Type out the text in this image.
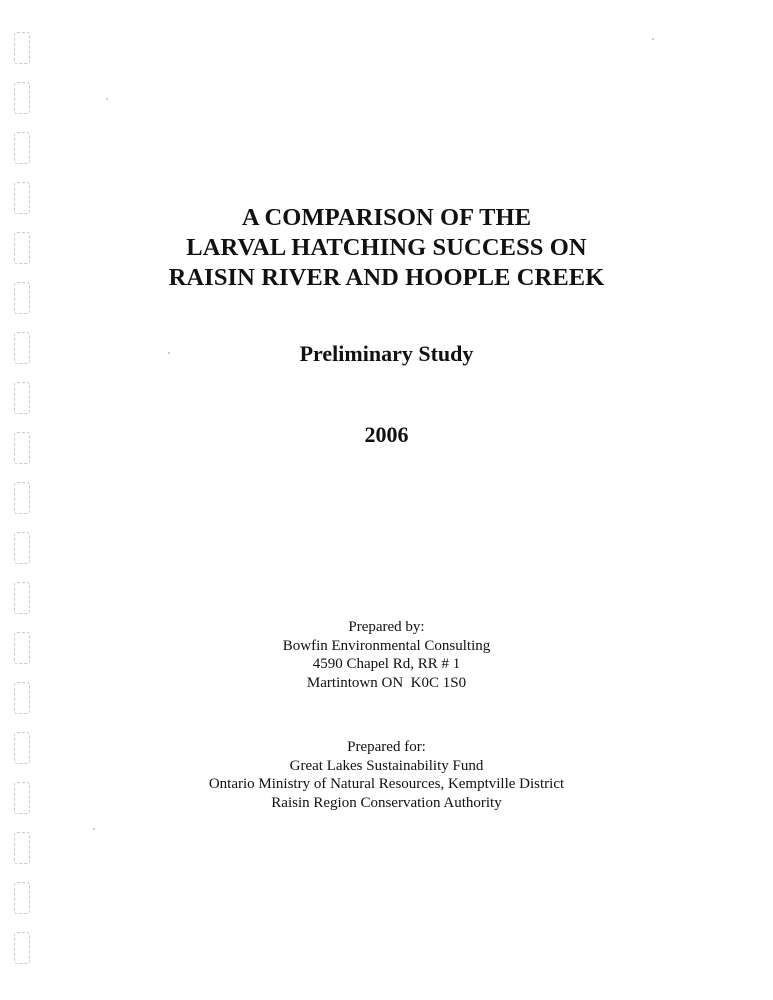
A COMPARISON OF THE
LARVAL HATCHING SUCCESS ON
RAISIN RIVER AND HOOPLE CREEK
Preliminary Study
2006
Prepared by:
Bowfin Environmental Consulting
4590 Chapel Rd, RR # 1
Martintown ON  K0C 1S0
Prepared for:
Great Lakes Sustainability Fund
Ontario Ministry of Natural Resources, Kemptville District
Raisin Region Conservation Authority
